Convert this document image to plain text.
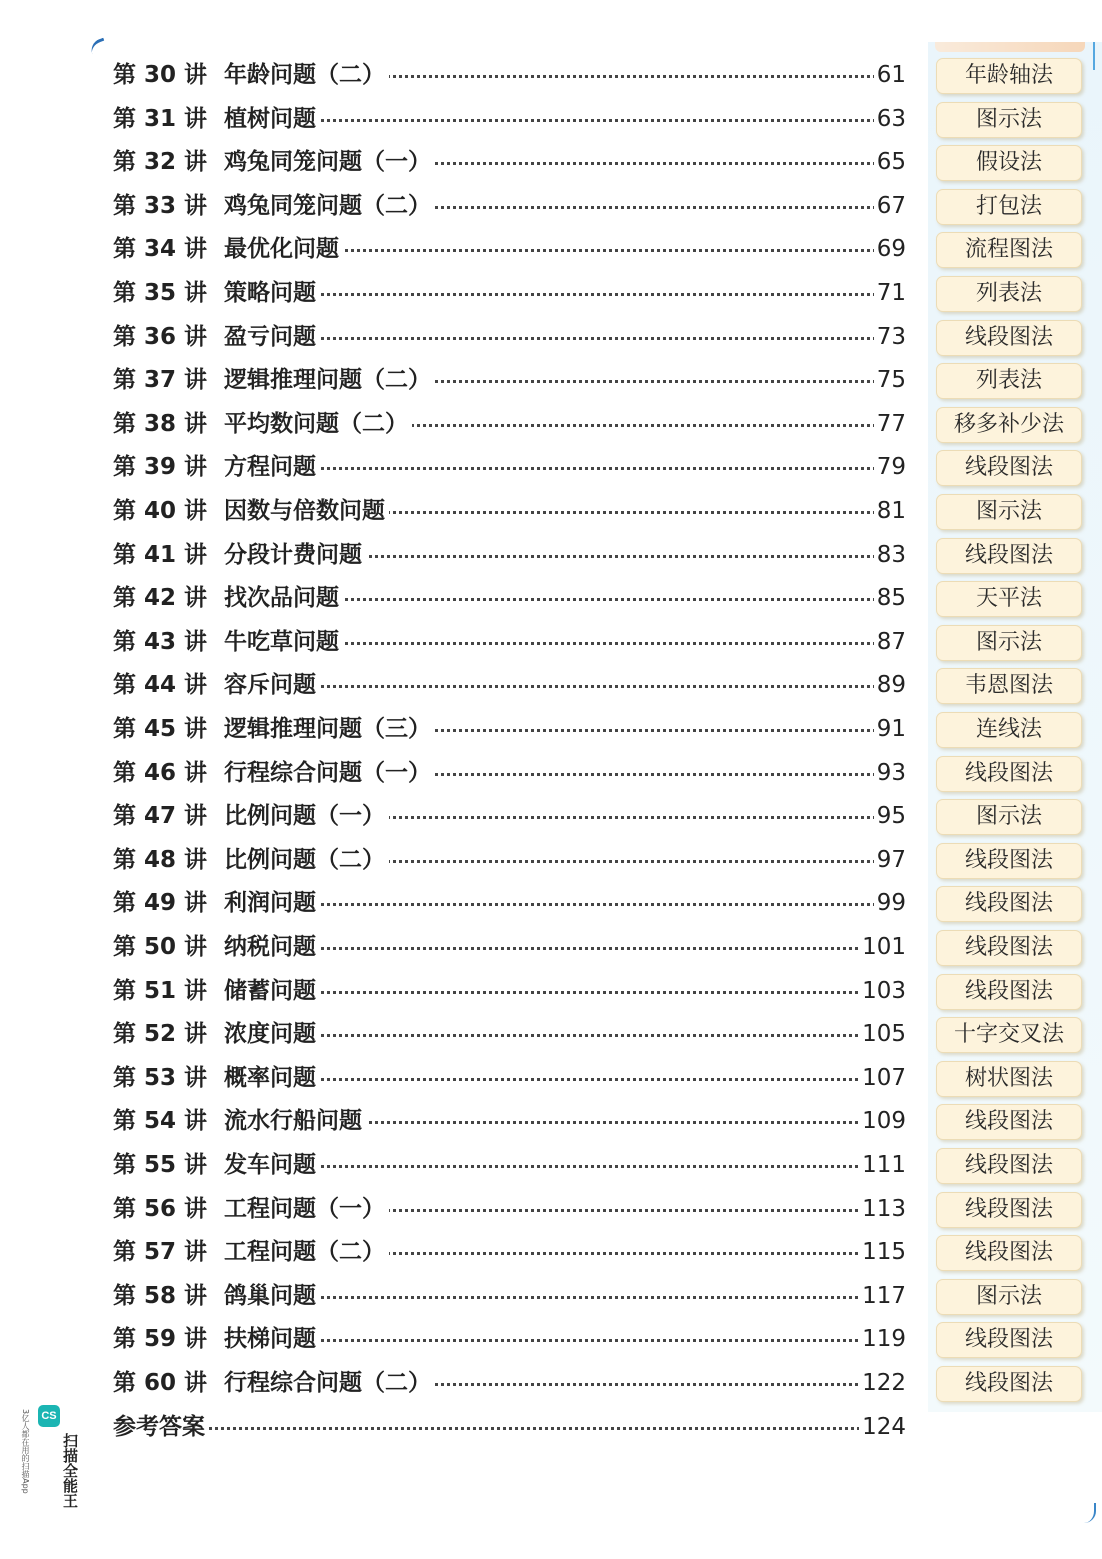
第 30 讲 年龄问题（二）	61	年龄轴法
第 31 讲 植树问题	63	图示法
第 32 讲 鸡兔同笼问题（一）	65	假设法
第 33 讲 鸡兔同笼问题（二）	67	打包法
第 34 讲 最优化问题	69	流程图法
第 35 讲 策略问题	71	列表法
第 36 讲 盈亏问题	73	线段图法
第 37 讲 逻辑推理问题（二）	75	列表法
第 38 讲 平均数问题（二）	77	移多补少法
第 39 讲 方程问题	79	线段图法
第 40 讲 因数与倍数问题	81	图示法
第 41 讲 分段计费问题	83	线段图法
第 42 讲 找次品问题	85	天平法
第 43 讲 牛吃草问题	87	图示法
第 44 讲 容斥问题	89	韦恩图法
第 45 讲 逻辑推理问题（三）	91	连线法
第 46 讲 行程综合问题（一）	93	线段图法
第 47 讲 比例问题（一）	95	图示法
第 48 讲 比例问题（二）	97	线段图法
第 49 讲 利润问题	99	线段图法
第 50 讲 纳税问题	101	线段图法
第 51 讲 储蓄问题	103	线段图法
第 52 讲 浓度问题	105	十字交叉法
第 53 讲 概率问题	107	树状图法
第 54 讲 流水行船问题	109	线段图法
第 55 讲 发车问题	111	线段图法
第 56 讲 工程问题（一）	113	线段图法
第 57 讲 工程问题（二）	115	线段图法
第 58 讲 鸽巢问题	117	图示法
第 59 讲 扶梯问题	119	线段图法
第 60 讲 行程综合问题（二）	122	线段图法
参考答案	124
CS
3亿人都在用的扫描App 扫描全能王
